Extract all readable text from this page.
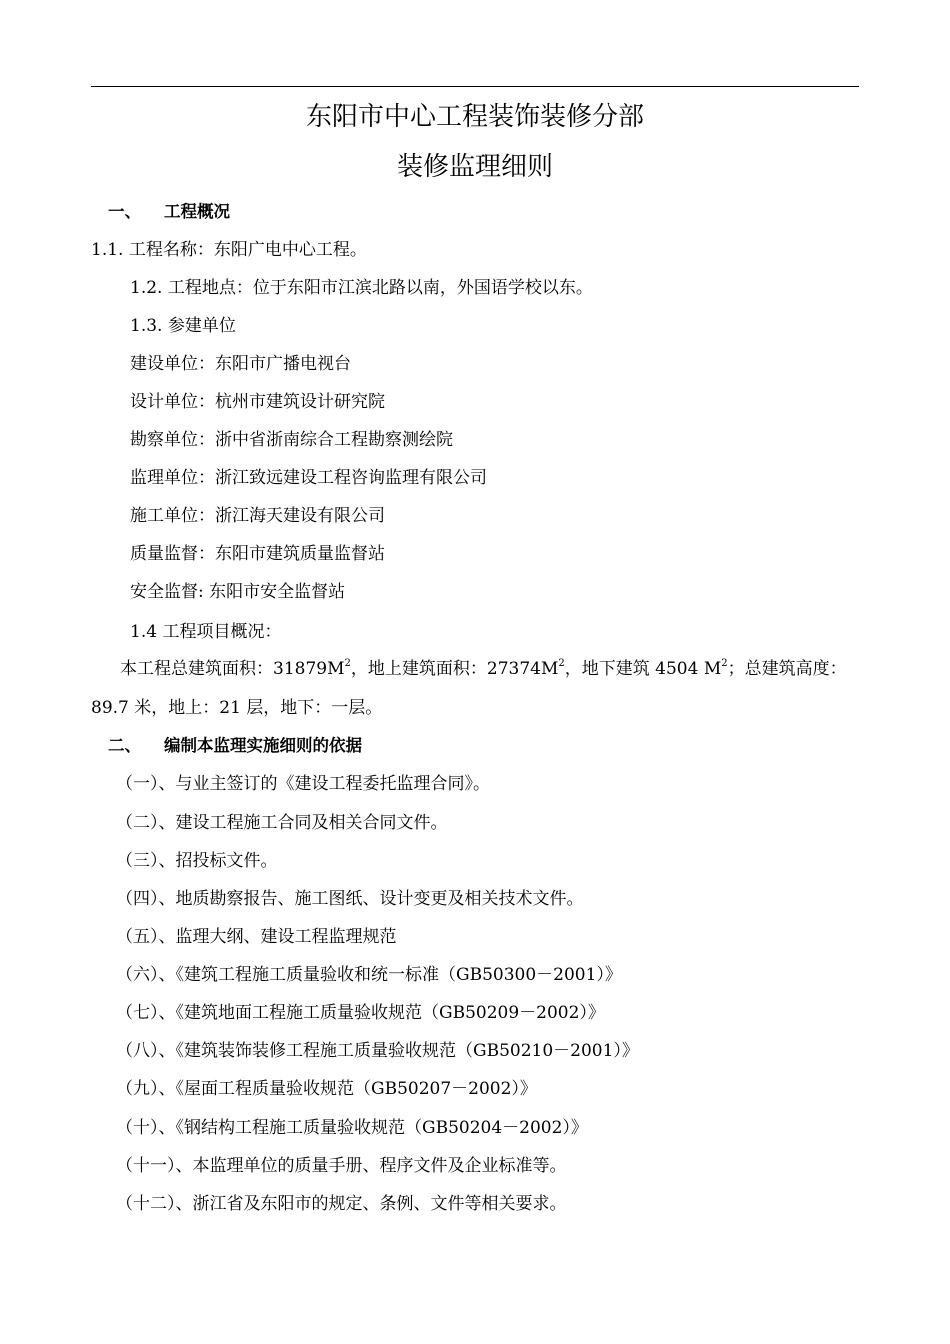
东阳市中心工程装饰装修分部
装修监理细则
一、 工程概况
1.1. 工程名称：东阳广电中心工程。
1.2. 工程地点：位于东阳市江滨北路以南，外国语学校以东。
1.3. 参建单位
建设单位：东阳市广播电视台
设计单位：杭州市建筑设计研究院
勘察单位：浙中省浙南综合工程勘察测绘院
监理单位：浙江致远建设工程咨询监理有限公司
施工单位：浙江海天建设有限公司
质量监督：东阳市建筑质量监督站
安全监督: 东阳市安全监督站
1.4 工程项目概况：
本工程总建筑面积：$31879M^2$，地上建筑面积：$27374M^2$，地下建筑 4504 $M^2$；总建筑高度：
89.7 米，地上：21 层，地下：一层。
二、 编制本监理实施细则的依据
（一）、与业主签订的《建设工程委托监理合同》。
（二）、建设工程施工合同及相关合同文件。
（三）、招投标文件。
（四）、地质勘察报告、施工图纸、设计变更及相关技术文件。
（五）、监理大纲、建设工程监理规范
（六）、《建筑工程施工质量验收和统一标准（GB50300－2001）》
（七）、《建筑地面工程施工质量验收规范（GB50209－2002）》
（八）、《建筑装饰装修工程施工质量验收规范（GB50210－2001）》
（九）、《屋面工程质量验收规范（GB50207－2002）》
（十）、《钢结构工程施工质量验收规范（GB50204－2002）》
（十一）、本监理单位的质量手册、程序文件及企业标准等。
（十二）、浙江省及东阳市的规定、条例、文件等相关要求。
